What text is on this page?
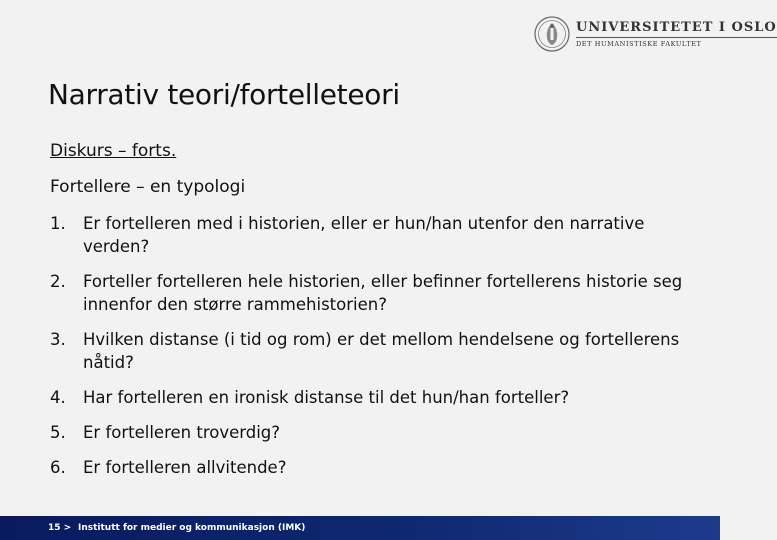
UNIVERSITETET I OSLO
DET HUMANISTISKE FAKULTET
Narrativ teori/fortelleteori
Diskurs – forts.
Fortellere – en typologi
1.	Er fortelleren med i historien, eller er hun/han utenfor den narrative verden?
2.	Forteller fortelleren hele historien, eller befinner fortellerens historie seg innenfor den større rammehistorien?
3.	Hvilken distanse (i tid og rom) er det mellom hendelsene og fortellerens nåtid?
4.	Har fortelleren en ironisk distanse til det hun/han forteller?
5.	Er fortelleren troverdig?
6.	Er fortelleren allvitende?
15 > Institutt for medier og kommunikasjon (IMK)
